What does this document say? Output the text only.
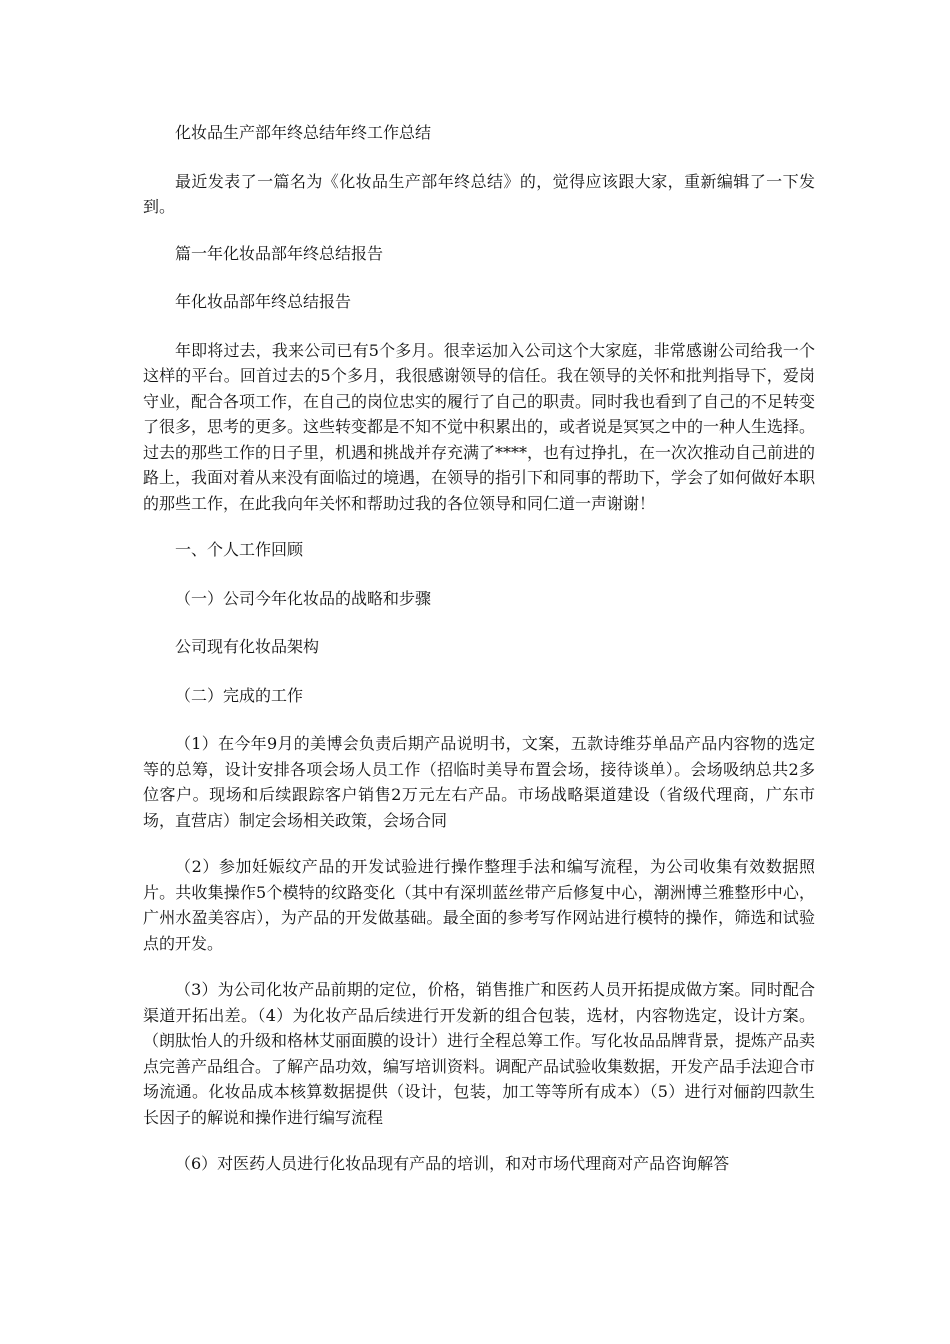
化妆品生产部年终总结年终工作总结

最近发表了一篇名为《化妆品生产部年终总结》的，觉得应该跟大家，重新编辑了一下发到。

篇一年化妆品部年终总结报告

年化妆品部年终总结报告

年即将过去，我来公司已有5个多月。很幸运加入公司这个大家庭，非常感谢公司给我一个这样的平台。回首过去的5个多月，我很感谢领导的信任。我在领导的关怀和批判指导下，爱岗守业，配合各项工作，在自己的岗位忠实的履行了自己的职责。同时我也看到了自己的不足转变了很多，思考的更多。这些转变都是不知不觉中积累出的，或者说是冥冥之中的一种人生选择。过去的那些工作的日子里，机遇和挑战并存充满了****，也有过挣扎，在一次次推动自己前进的路上，我面对着从来没有面临过的境遇，在领导的指引下和同事的帮助下，学会了如何做好本职的那些工作，在此我向年关怀和帮助过我的各位领导和同仁道一声谢谢！

一、个人工作回顾

（一）公司今年化妆品的战略和步骤

公司现有化妆品架构

（二）完成的工作

（1）在今年9月的美博会负责后期产品说明书，文案，五款诗维芬单品产品内容物的选定等的总筹，设计安排各项会场人员工作（招临时美导布置会场，接待谈单）。会场吸纳总共2多位客户。现场和后续跟踪客户销售2万元左右产品。市场战略渠道建设（省级代理商，广东市场，直营店）制定会场相关政策，会场合同

（2）参加妊娠纹产品的开发试验进行操作整理手法和编写流程，为公司收集有效数据照片。共收集操作5个模特的纹路变化（其中有深圳蓝丝带产后修复中心，潮洲博兰雅整形中心，广州水盈美容店），为产品的开发做基础。最全面的参考写作网站进行模特的操作，筛选和试验点的开发。

（3）为公司化妆产品前期的定位，价格，销售推广和医药人员开拓提成做方案。同时配合渠道开拓出差。（4）为化妆产品后续进行开发新的组合包装，选材，内容物选定，设计方案。（朗肽怡人的升级和格林艾丽面膜的设计）进行全程总筹工作。写化妆品品牌背景，提炼产品卖点完善产品组合。了解产品功效，编写培训资料。调配产品试验收集数据，开发产品手法迎合市场流通。化妆品成本核算数据提供（设计，包装，加工等等所有成本）（5）进行对俪韵四款生长因子的解说和操作进行编写流程

（6）对医药人员进行化妆品现有产品的培训，和对市场代理商对产品咨询解答
